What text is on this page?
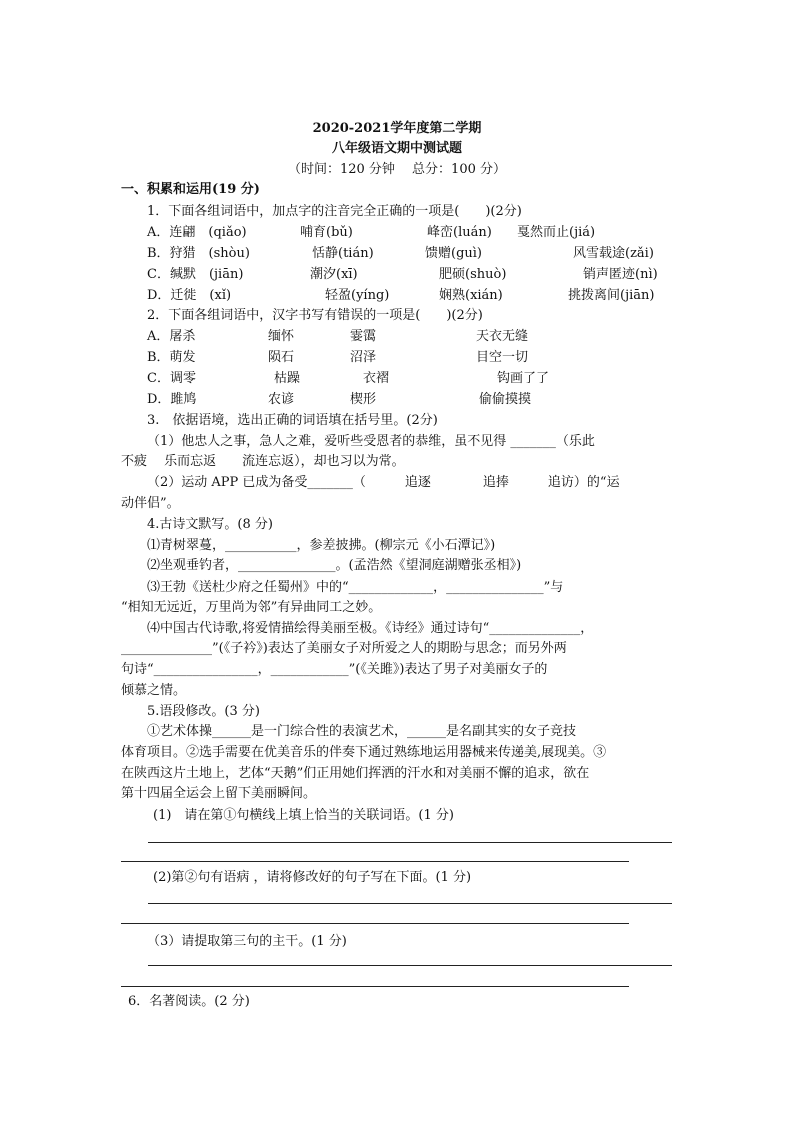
2020-2021学年度第二学期
八年级语文期中测试题
（时间：120 分钟　 总分：100 分）
一、积累和运用(19 分)
1．下面各组词语中，加点字的注音完全正确的一项是(　　)(2分)
A．连翩　(qiǎo)	哺育(bǔ)	峰峦(luán) 戛然而止(jiá)
B．狩猎　(shòu)	恬静(tián)	馈赠(guì)	风雪载途(zǎi)
C．缄默　(jiān)	潮汐(xī)	肥硕(shuò)	销声匿迹(nì)
D．迁徙　(xǐ)	轻盈(yíng)	娴熟(xián)	挑拨离间(jiān)
2．下面各组词语中，汉字书写有错误的一项是(　　)(2分)
A．屠杀	缅怀	霎霭	天衣无缝
B．萌发	陨石	沼泽	目空一切
C．调零	枯躁	衣褶	钩画了了
D．雎鸠	农谚	楔形	偷偷摸摸
3.　依据语境，选出正确的词语填在括号里。(2分)
（1）他忠人之事，急人之难，爱听些受恩者的恭维，虽不见得 _______（乐此
不疲　 乐而忘返　　流连忘返），却也习以为常。
（2）运动 APP 已成为备受_______（　　　追逐　　　　追捧　　　追访）的“运
动伴侣”。
4.古诗文默写。(8 分)
⑴青树翠蔓，___________，参差披拂。(柳宗元《小石潭记》)
⑵坐观垂钓者，_______________。(孟浩然《望洞庭湖赠张丞相》)
⑶王勃《送杜少府之任蜀州》中的“_____________，_______________”与
“相知无远近，万里尚为邻”有异曲同工之妙。
⑷中国古代诗歌,将爱情描绘得美丽至极。《诗经》通过诗句“______________，
______________”(《子衿》)表达了美丽女子对所爱之人的期盼与思念；而另外两
句诗“________________，____________”(《关雎》)表达了男子对美丽女子的
倾慕之情。
5.语段修改。(3 分)
①艺术体操______是一门综合性的表演艺术，______是名副其实的女子竞技
体育项目。②选手需要在优美音乐的伴奏下通过熟练地运用器械来传递美,展现美。③
在陕西这片土地上，艺体“天鹅”们正用她们挥洒的汗水和对美丽不懈的追求，欲在
第十四届全运会上留下美丽瞬间。
(1)　请在第①句横线上填上恰当的关联词语。(1 分)
(2)第②句有语病 ，请将修改好的句子写在下面。(1 分)
（3）请提取第三句的主干。(1 分)
6．名著阅读。(2 分)
